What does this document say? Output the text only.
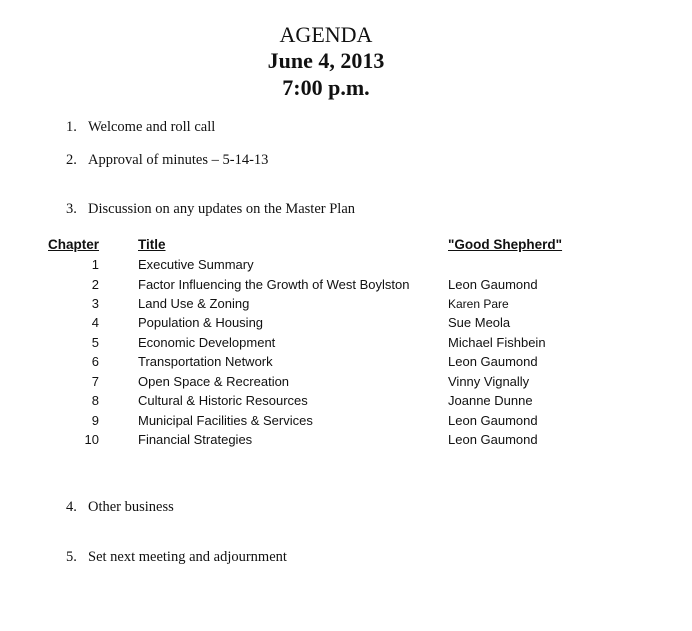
AGENDA
June 4, 2013
7:00 p.m.
1. Welcome and roll call
2. Approval of minutes – 5-14-13
3. Discussion on any updates on the Master Plan
Chapter	Title	"Good Shepherd"
1	Executive Summary
2	Factor Influencing the Growth of West Boylston	Leon Gaumond
3	Land Use & Zoning	Karen Pare
4	Population & Housing	Sue Meola
5	Economic Development	Michael Fishbein
6	Transportation Network	Leon Gaumond
7	Open Space & Recreation	Vinny Vignally
8	Cultural & Historic Resources	Joanne Dunne
9	Municipal Facilities & Services	Leon Gaumond
10	Financial Strategies	Leon Gaumond
4. Other business
5. Set next meeting and adjournment
